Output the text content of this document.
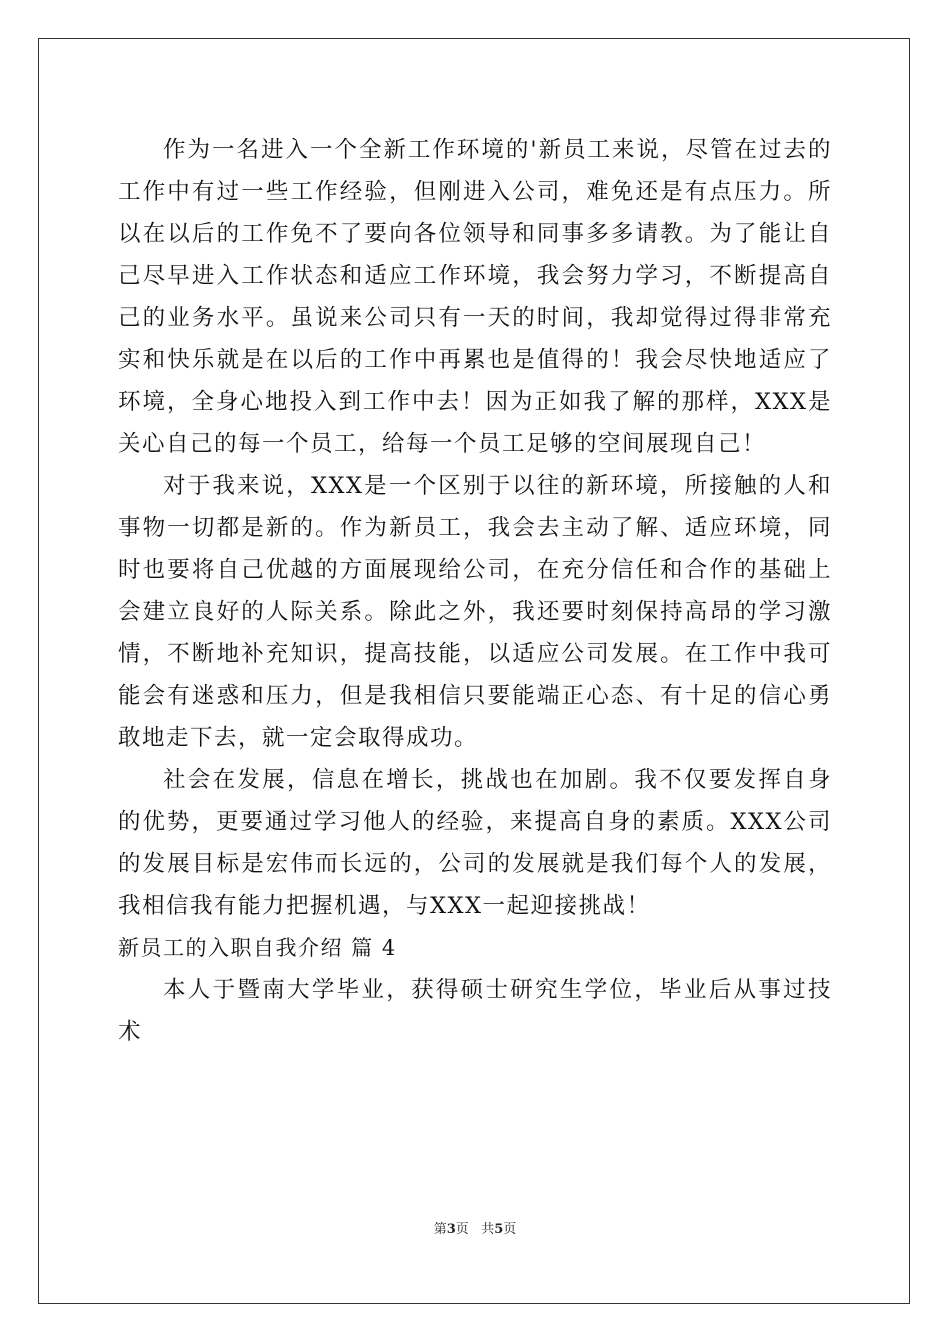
作为一名进入一个全新工作环境的'新员工来说，尽管在过去的工作中有过一些工作经验，但刚进入公司，难免还是有点压力。所以在以后的工作免不了要向各位领导和同事多多请教。为了能让自己尽早进入工作状态和适应工作环境，我会努力学习，不断提高自己的业务水平。虽说来公司只有一天的时间，我却觉得过得非常充实和快乐就是在以后的工作中再累也是值得的！我会尽快地适应了环境，全身心地投入到工作中去！因为正如我了解的那样，XXX是关心自己的每一个员工，给每一个员工足够的空间展现自己！

对于我来说，XXX是一个区别于以往的新环境，所接触的人和事物一切都是新的。作为新员工，我会去主动了解、适应环境，同时也要将自己优越的方面展现给公司，在充分信任和合作的基础上会建立良好的人际关系。除此之外，我还要时刻保持高昂的学习激情，不断地补充知识，提高技能，以适应公司发展。在工作中我可能会有迷惑和压力，但是我相信只要能端正心态、有十足的信心勇敢地走下去，就一定会取得成功。

社会在发展，信息在增长，挑战也在加剧。我不仅要发挥自身的优势，更要通过学习他人的经验，来提高自身的素质。XXX公司的发展目标是宏伟而长远的，公司的发展就是我们每个人的发展，我相信我有能力把握机遇，与XXX一起迎接挑战！

新员工的入职自我介绍 篇 4

本人于暨南大学毕业，获得硕士研究生学位，毕业后从事过技术

第3页 共5页
